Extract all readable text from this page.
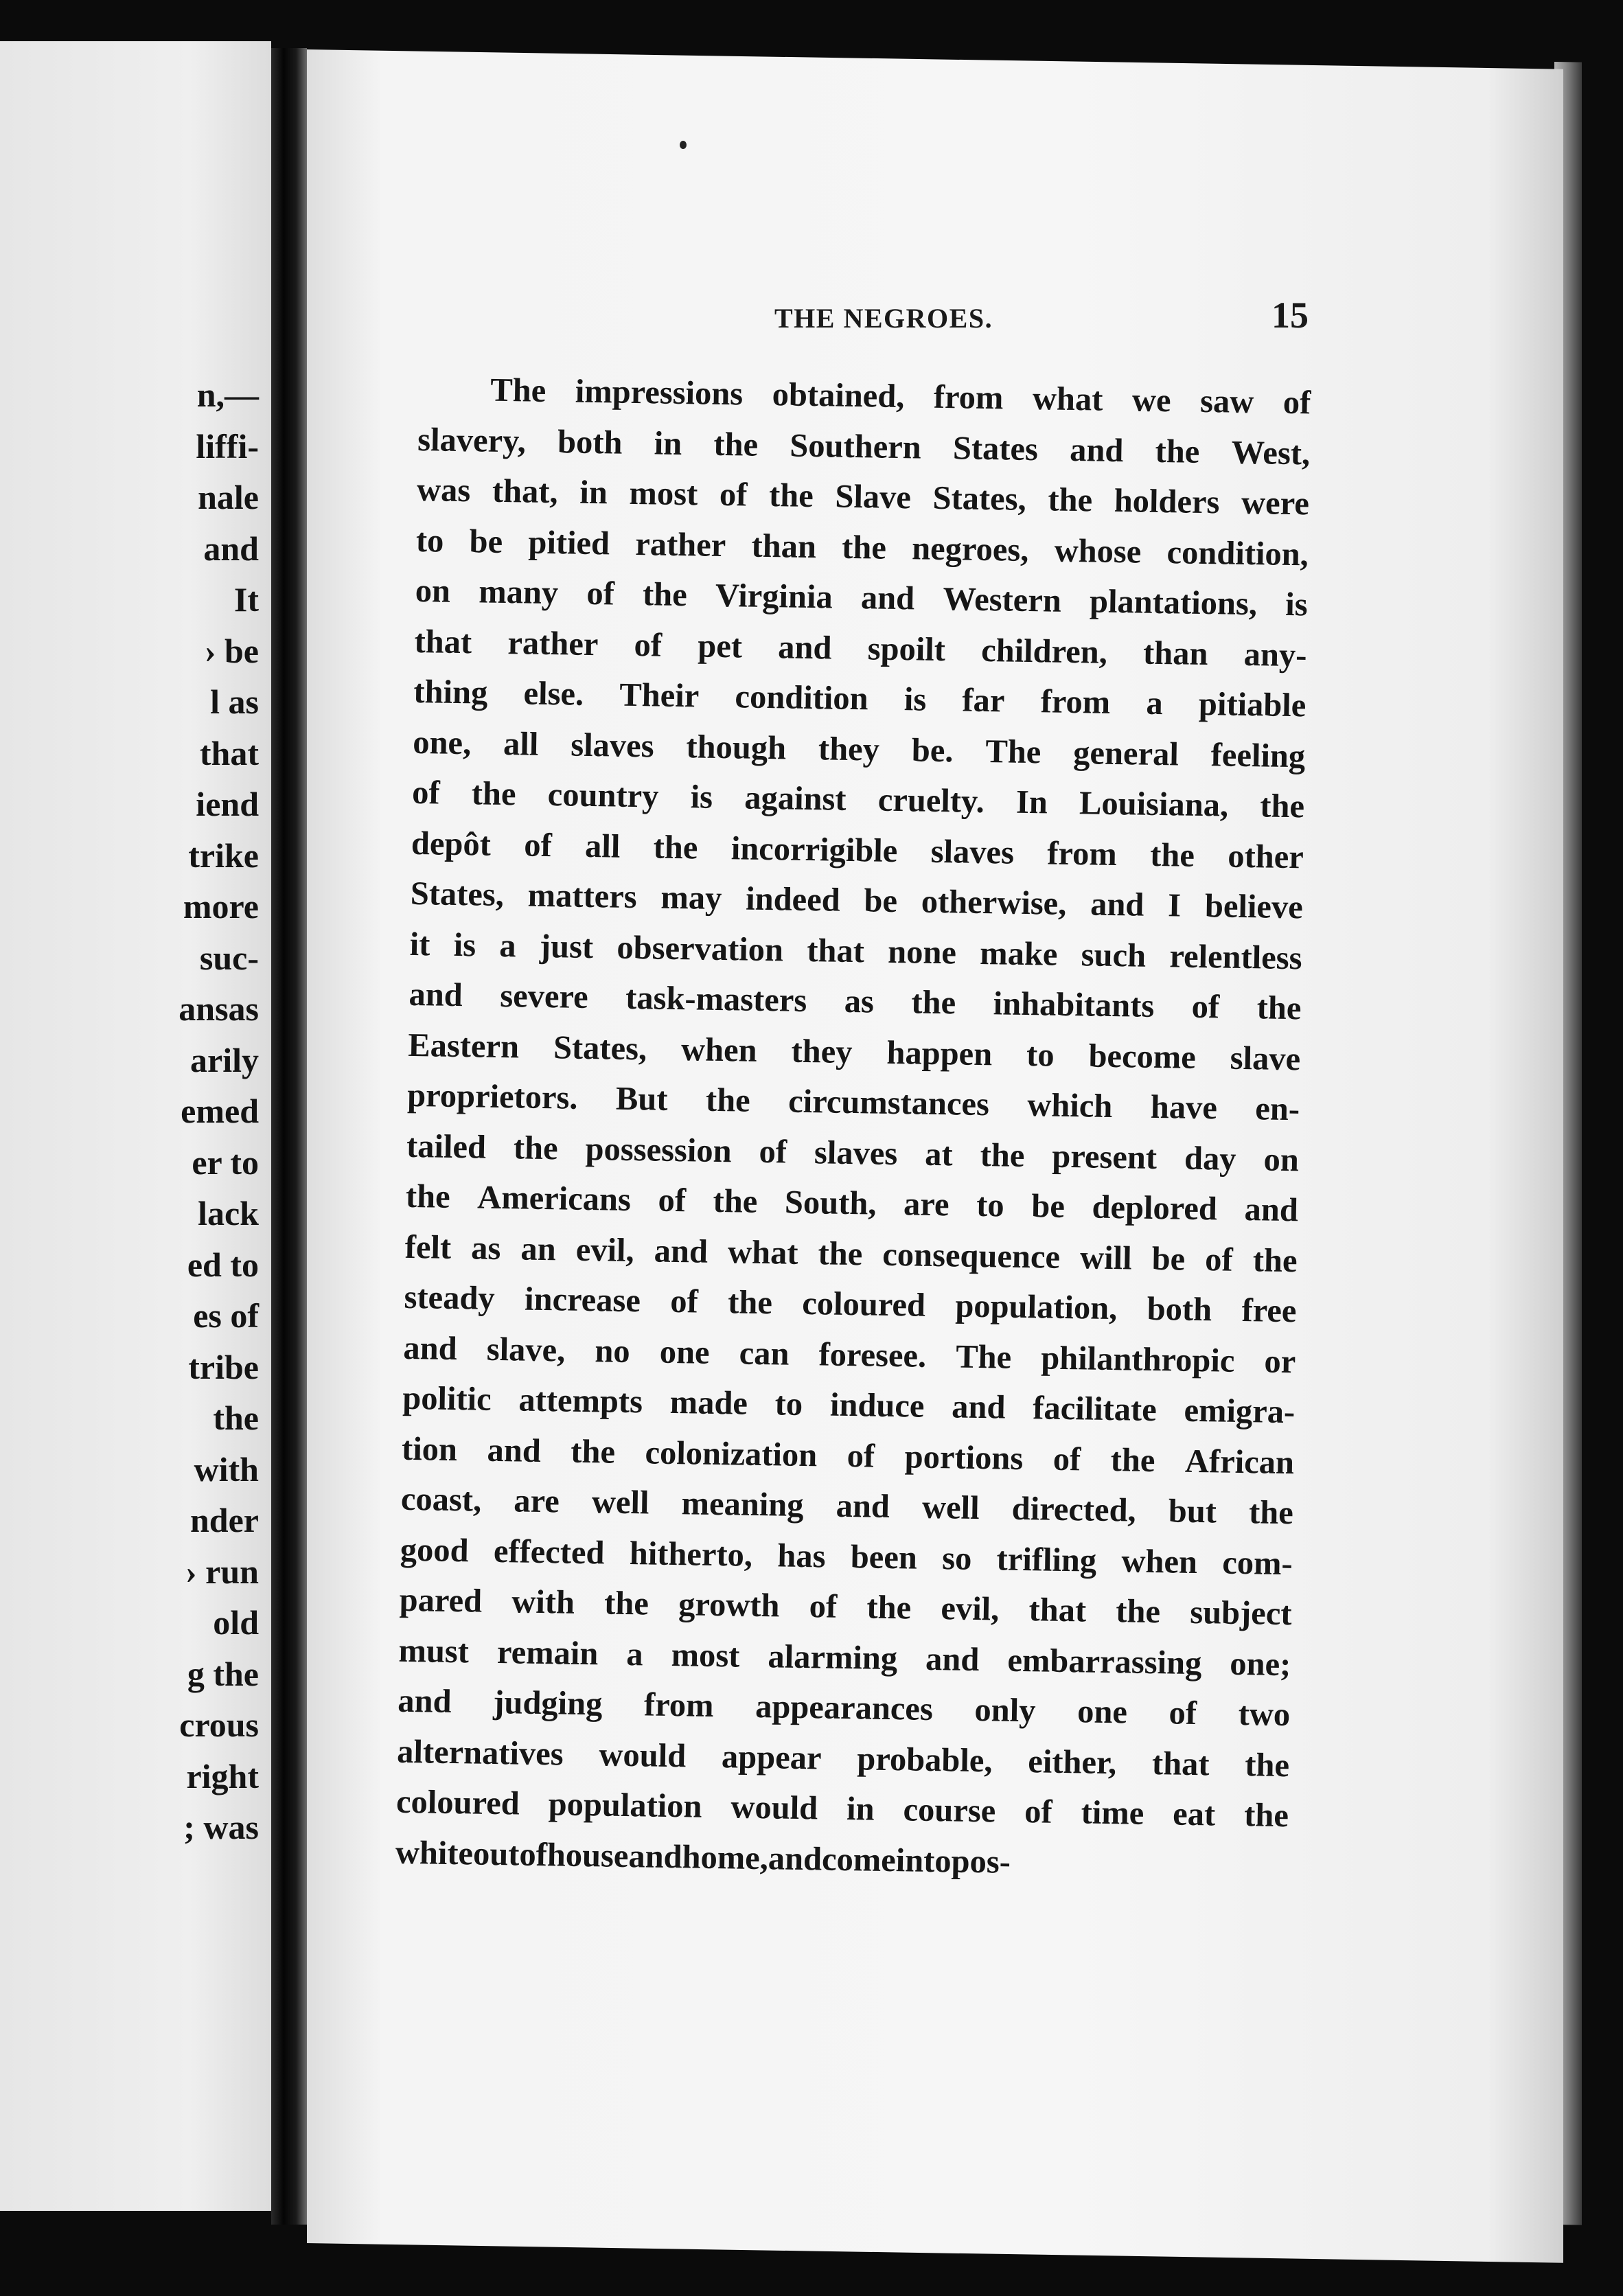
n,—
liffi-
nale
and
It
› be
l as
that
iend
trike
more
suc-
ansas
arily
emed
er to
lack
ed to
es of
tribe
the
with
nder
› run
old
g the
crous
right
; was
THE NEGROES.	15
The impressions obtained, from what we saw of
slavery, both in the Southern States and the West,
was that, in most of the Slave States, the holders were
to be pitied rather than the negroes, whose condition,
on many of the Virginia and Western plantations, is
that rather of pet and spoilt children, than any-
thing else. Their condition is far from a pitiable
one, all slaves though they be. The general feeling
of the country is against cruelty. In Louisiana, the
depôt of all the incorrigible slaves from the other
States, matters may indeed be otherwise, and I believe
it is a just observation that none make such relentless
and severe task-masters as the inhabitants of the
Eastern States, when they happen to become slave
proprietors. But the circumstances which have en-
tailed the possession of slaves at the present day on
the Americans of the South, are to be deplored and
felt as an evil, and what the consequence will be of the
steady increase of the coloured population, both free
and slave, no one can foresee. The philanthropic or
politic attempts made to induce and facilitate emigra-
tion and the colonization of portions of the African
coast, are well meaning and well directed, but the
good effected hitherto, has been so trifling when com-
pared with the growth of the evil, that the subject
must remain a most alarming and embarrassing one;
and judging from appearances only one of two
alternatives would appear probable, either, that the
coloured population would in course of time eat the
white out of house and home, and come into pos-
